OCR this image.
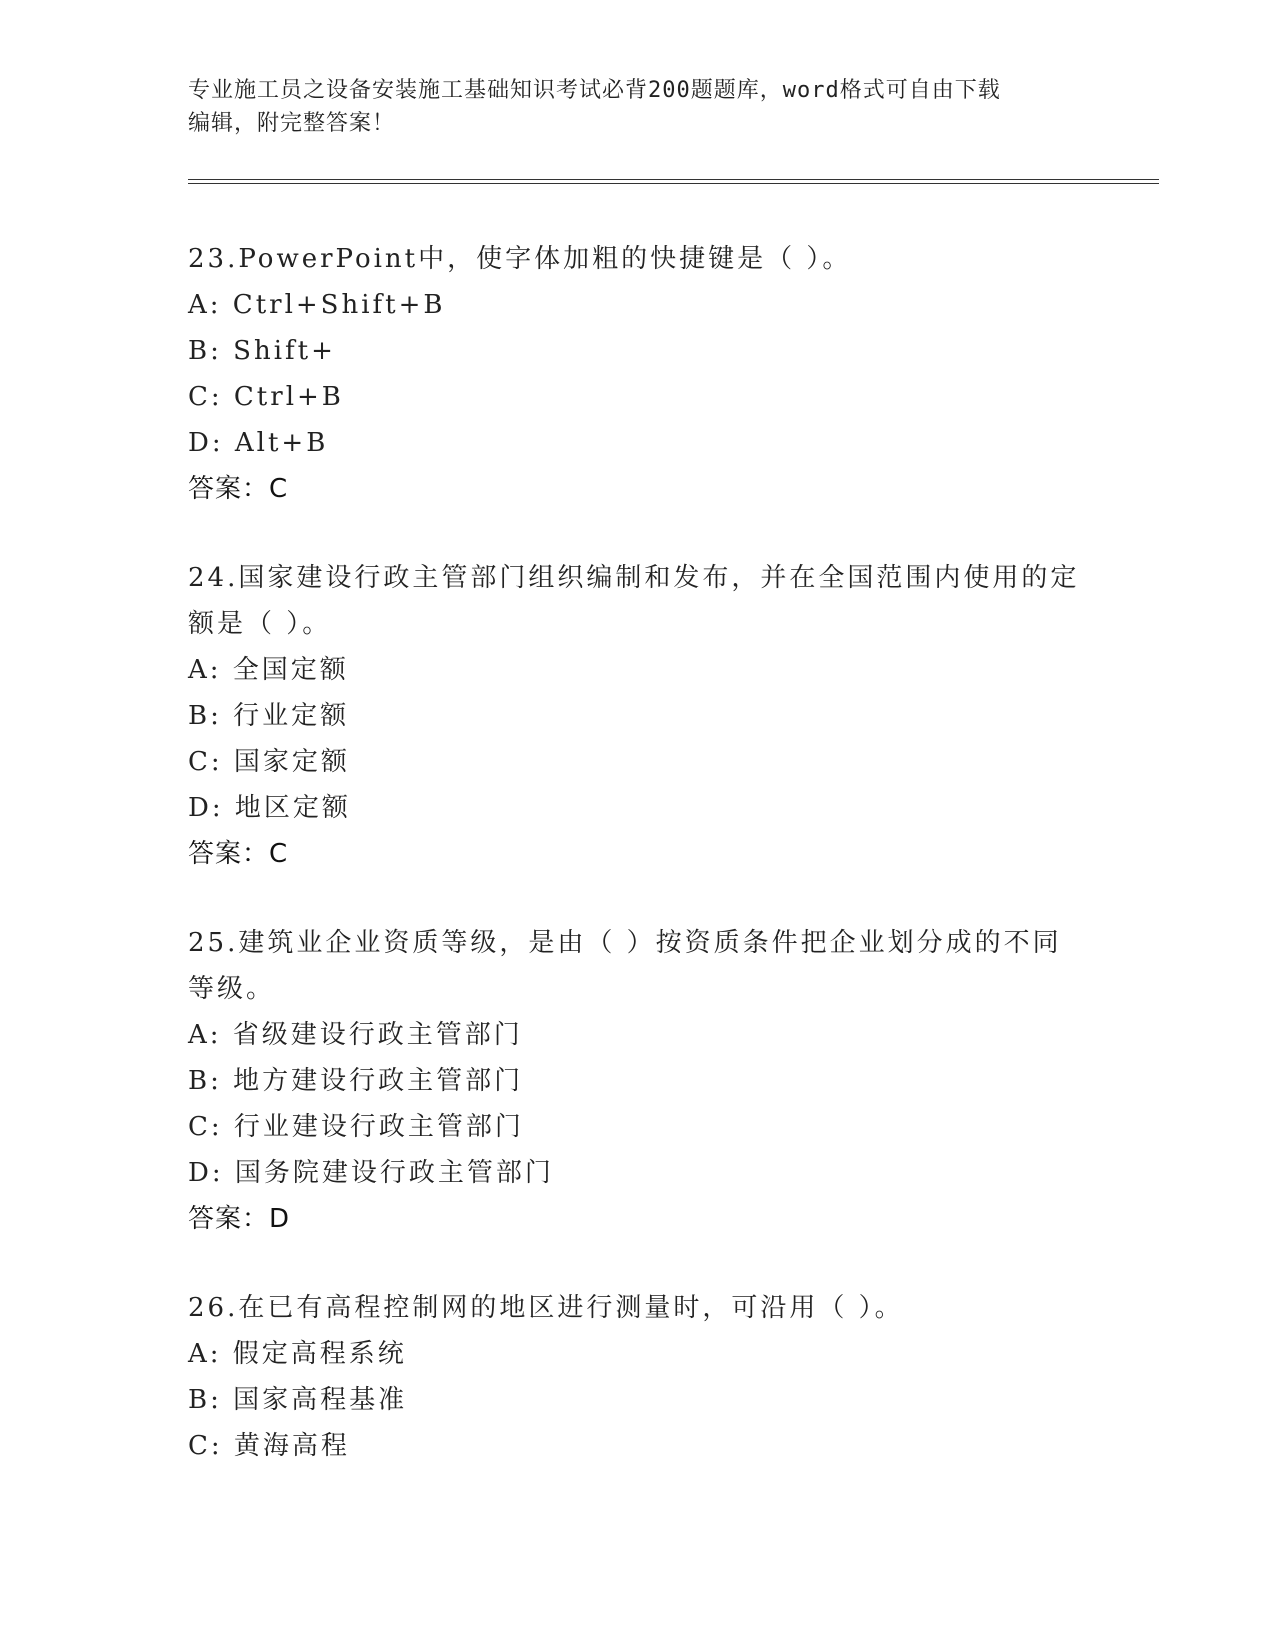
专业施工员之设备安装施工基础知识考试必背200题题库，word格式可自由下载
编辑，附完整答案！
23.PowerPoint中，使字体加粗的快捷键是（ ）。
A: Ctrl+Shift+B
B: Shift+
C: Ctrl+B
D: Alt+B
答案：C
24.国家建设行政主管部门组织编制和发布，并在全国范围内使用的定
额是（ ）。
A: 全国定额
B: 行业定额
C: 国家定额
D: 地区定额
答案：C
25.建筑业企业资质等级，是由（ ）按资质条件把企业划分成的不同
等级。
A: 省级建设行政主管部门
B: 地方建设行政主管部门
C: 行业建设行政主管部门
D: 国务院建设行政主管部门
答案：D
26.在已有高程控制网的地区进行测量时，可沿用（ ）。
A: 假定高程系统
B: 国家高程基准
C: 黄海高程
